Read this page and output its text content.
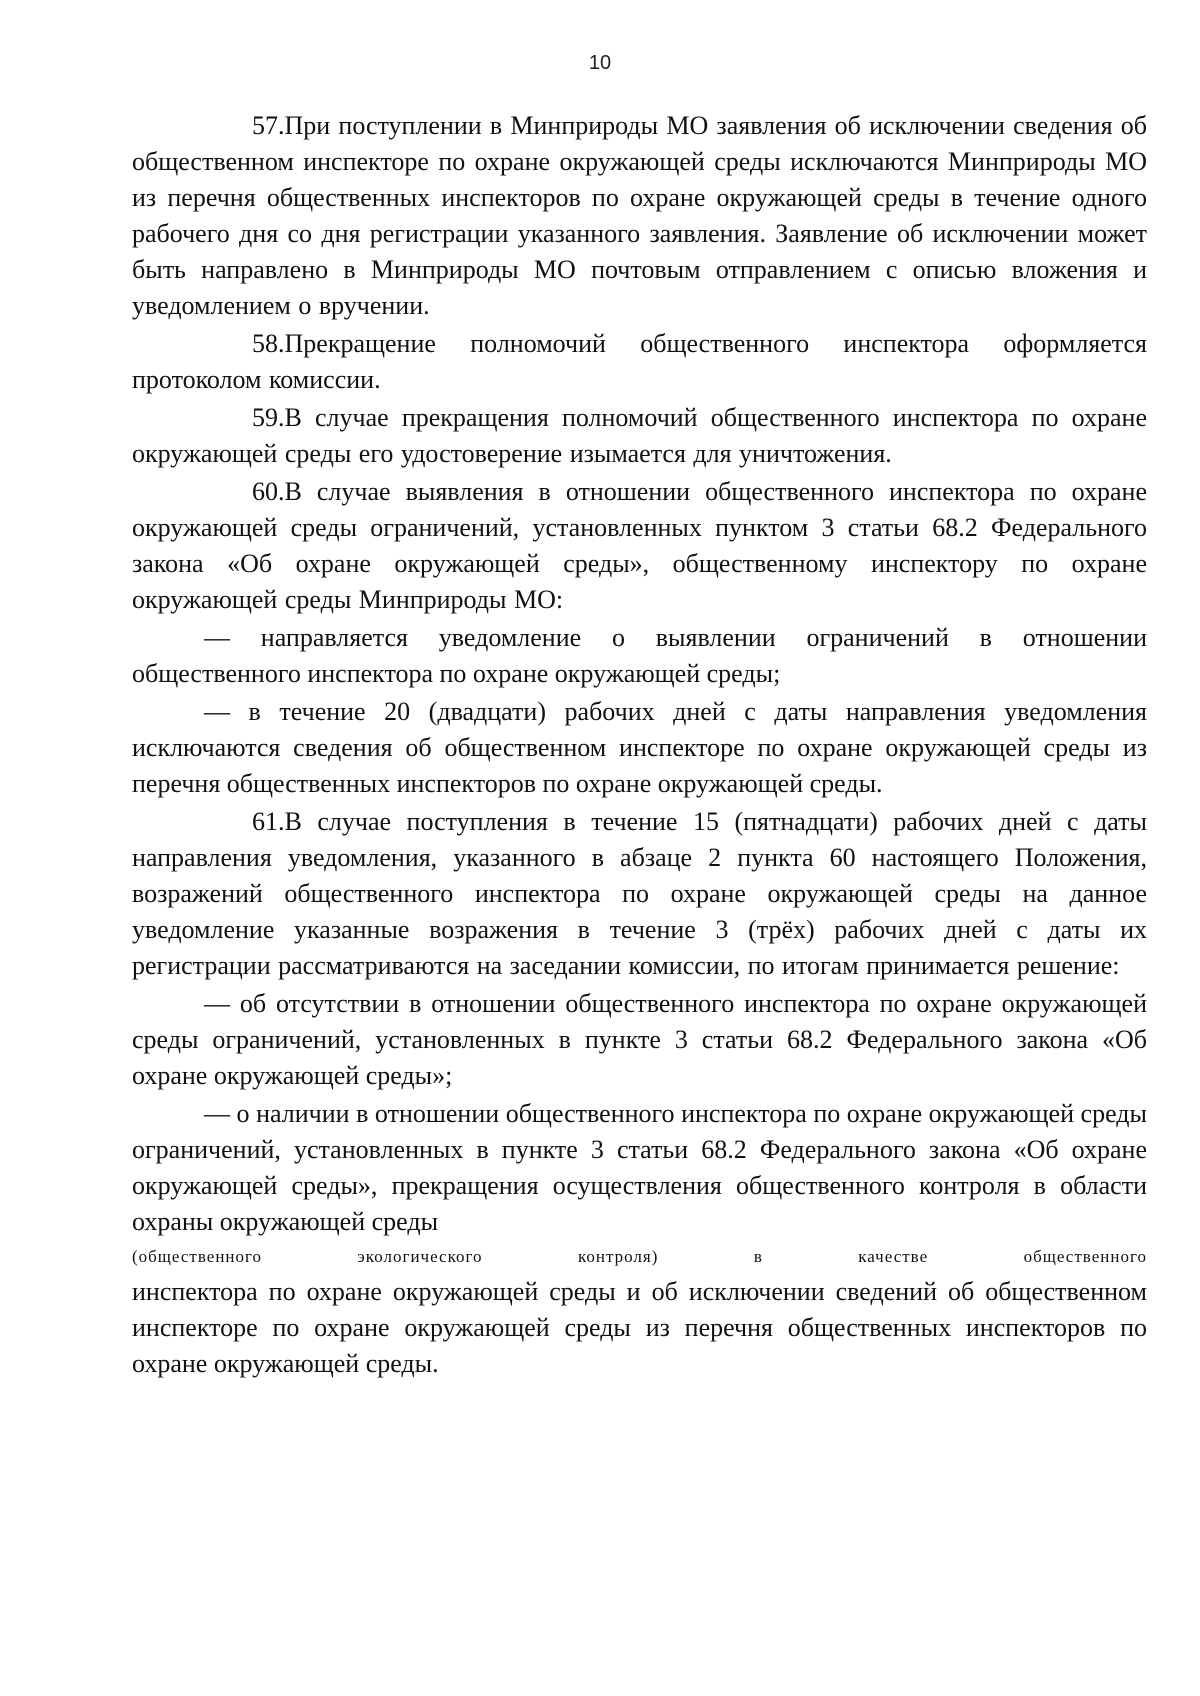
10

57.При поступлении в Минприроды МО заявления об исключении сведения об общественном инспекторе по охране окружающей среды исключаются Минприроды МО из перечня общественных инспекторов по охране окружающей среды в течение одного рабочего дня со дня регистрации указанного заявления. Заявление об исключении может быть направлено в Минприроды МО почтовым отправлением с описью вложения и уведомлением о вручении.

58.Прекращение полномочий общественного инспектора оформляется протоколом комиссии.

59.В случае прекращения полномочий общественного инспектора по охране окружающей среды его удостоверение изымается для уничтожения.

60.В случае выявления в отношении общественного инспектора по охране окружающей среды ограничений, установленных пунктом 3 статьи 68.2 Федерального закона «Об охране окружающей среды», общественному инспектору по охране окружающей среды Минприроды МО:

— направляется уведомление о выявлении ограничений в отношении общественного инспектора по охране окружающей среды;

— в течение 20 (двадцати) рабочих дней с даты направления уведомления исключаются сведения об общественном инспекторе по охране окружающей среды из перечня общественных инспекторов по охране окружающей среды.

61.В случае поступления в течение 15 (пятнадцати) рабочих дней с даты направления уведомления, указанного в абзаце 2 пункта 60 настоящего Положения, возражений общественного инспектора по охране окружающей среды на данное уведомление указанные возражения в течение 3 (трёх) рабочих дней с даты их регистрации рассматриваются на заседании комиссии, по итогам принимается решение:

— об отсутствии в отношении общественного инспектора по охране окружающей среды ограничений, установленных в пункте 3 статьи 68.2 Федерального закона «Об охране окружающей среды»;

— о наличии в отношении общественного инспектора по охране окружающей среды ограничений, установленных в пункте 3 статьи 68.2 Федерального закона «Об охране окружающей среды», прекращения осуществления общественного контроля в области охраны окружающей среды
(общественного экологического контроля) в качестве общественного
инспектора по охране окружающей среды и об исключении сведений об общественном инспекторе по охране окружающей среды из перечня общественных инспекторов по охране окружающей среды.
